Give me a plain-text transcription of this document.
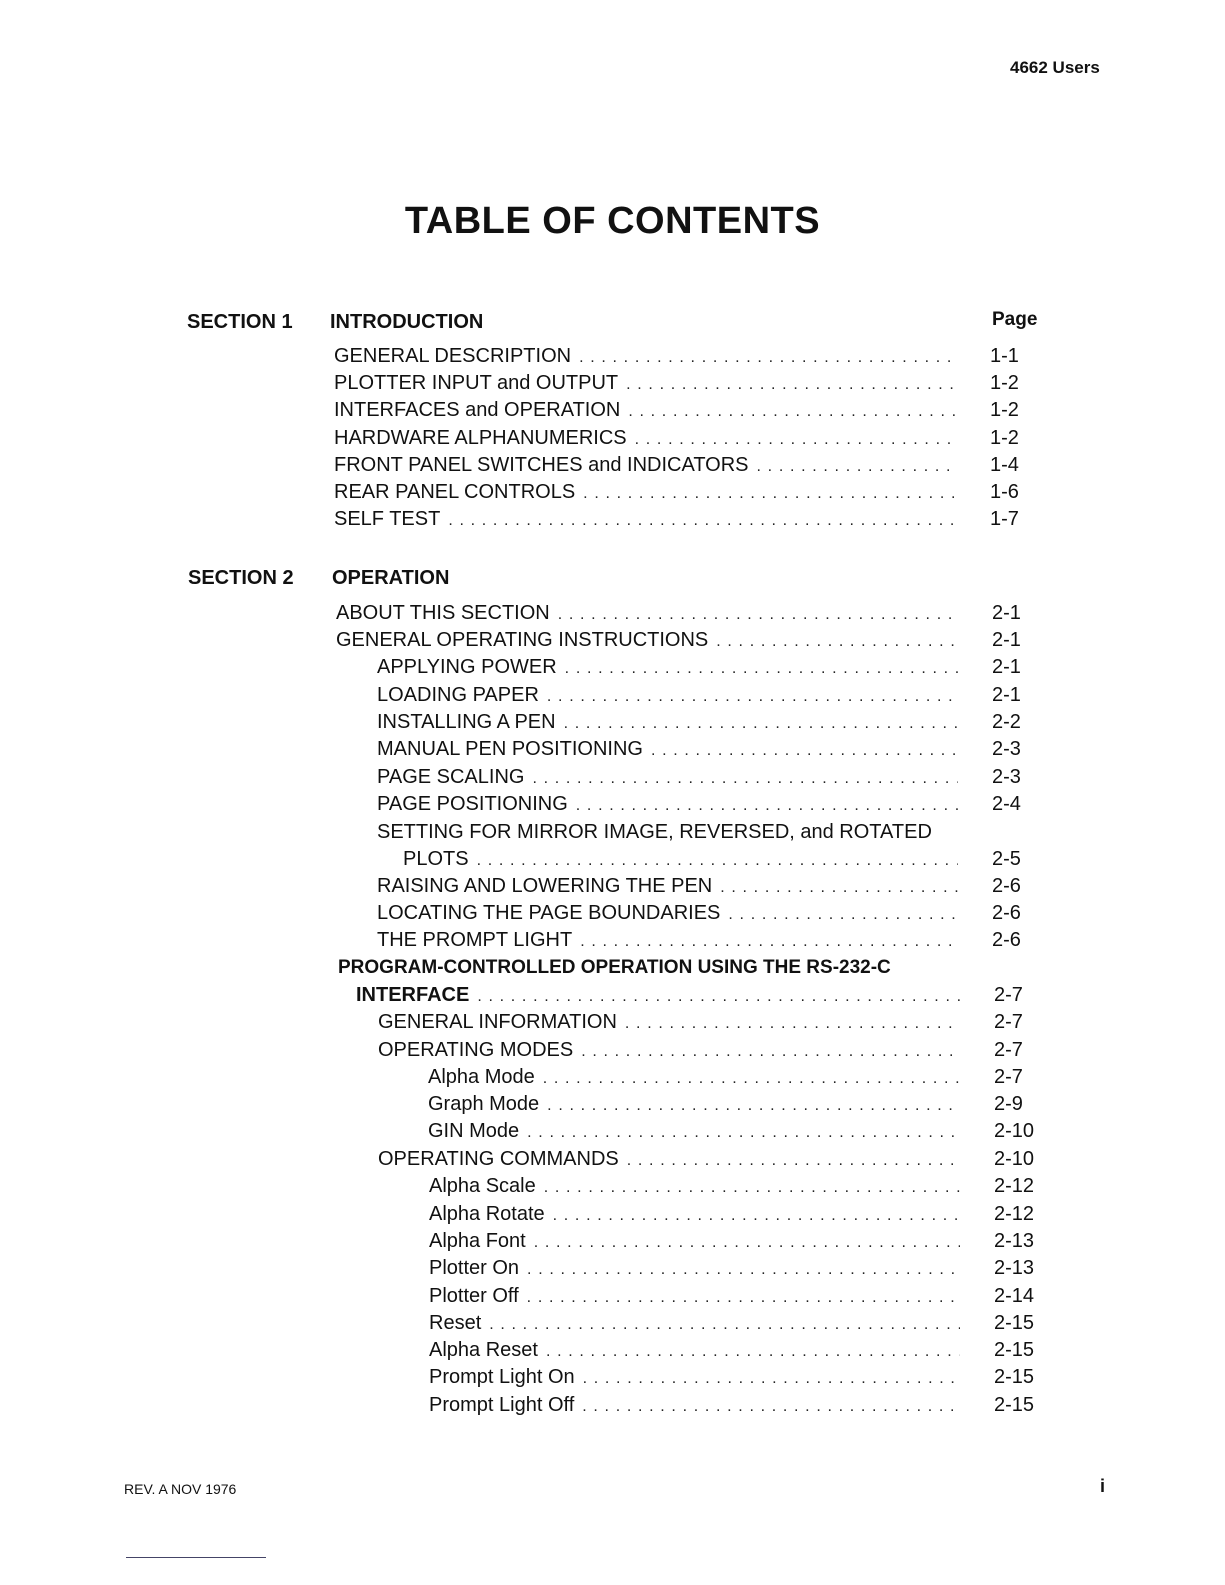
4662 Users
TABLE OF CONTENTS
SECTION 1 INTRODUCTION	Page
GENERAL DESCRIPTION .....	1-1
PLOTTER INPUT and OUTPUT .....	1-2
INTERFACES and OPERATION .....	1-2
HARDWARE ALPHANUMERICS .....	1-2
FRONT PANEL SWITCHES and INDICATORS .....	1-4
REAR PANEL CONTROLS .....	1-6
SELF TEST .....	1-7
SECTION 2 OPERATION
ABOUT THIS SECTION .....	2-1
GENERAL OPERATING INSTRUCTIONS .....	2-1
APPLYING POWER .....	2-1
LOADING PAPER .....	2-1
INSTALLING A PEN .....	2-2
MANUAL PEN POSITIONING .....	2-3
PAGE SCALING .....	2-3
PAGE POSITIONING .....	2-4
SETTING FOR MIRROR IMAGE, REVERSED, and ROTATED
PLOTS .....	2-5
RAISING AND LOWERING THE PEN .....	2-6
LOCATING THE PAGE BOUNDARIES .....	2-6
THE PROMPT LIGHT .....	2-6
PROGRAM-CONTROLLED OPERATION USING THE RS-232-C
INTERFACE .....	2-7
GENERAL INFORMATION .....	2-7
OPERATING MODES .....	2-7
Alpha Mode .....	2-7
Graph Mode .....	2-9
GIN Mode .....	2-10
OPERATING COMMANDS .....	2-10
Alpha Scale .....	2-12
Alpha Rotate .....	2-12
Alpha Font .....	2-13
Plotter On .....	2-13
Plotter Off .....	2-14
Reset .....	2-15
Alpha Reset .....	2-15
Prompt Light On .....	2-15
Prompt Light Off .....	2-15
REV. A NOV 1976	i
